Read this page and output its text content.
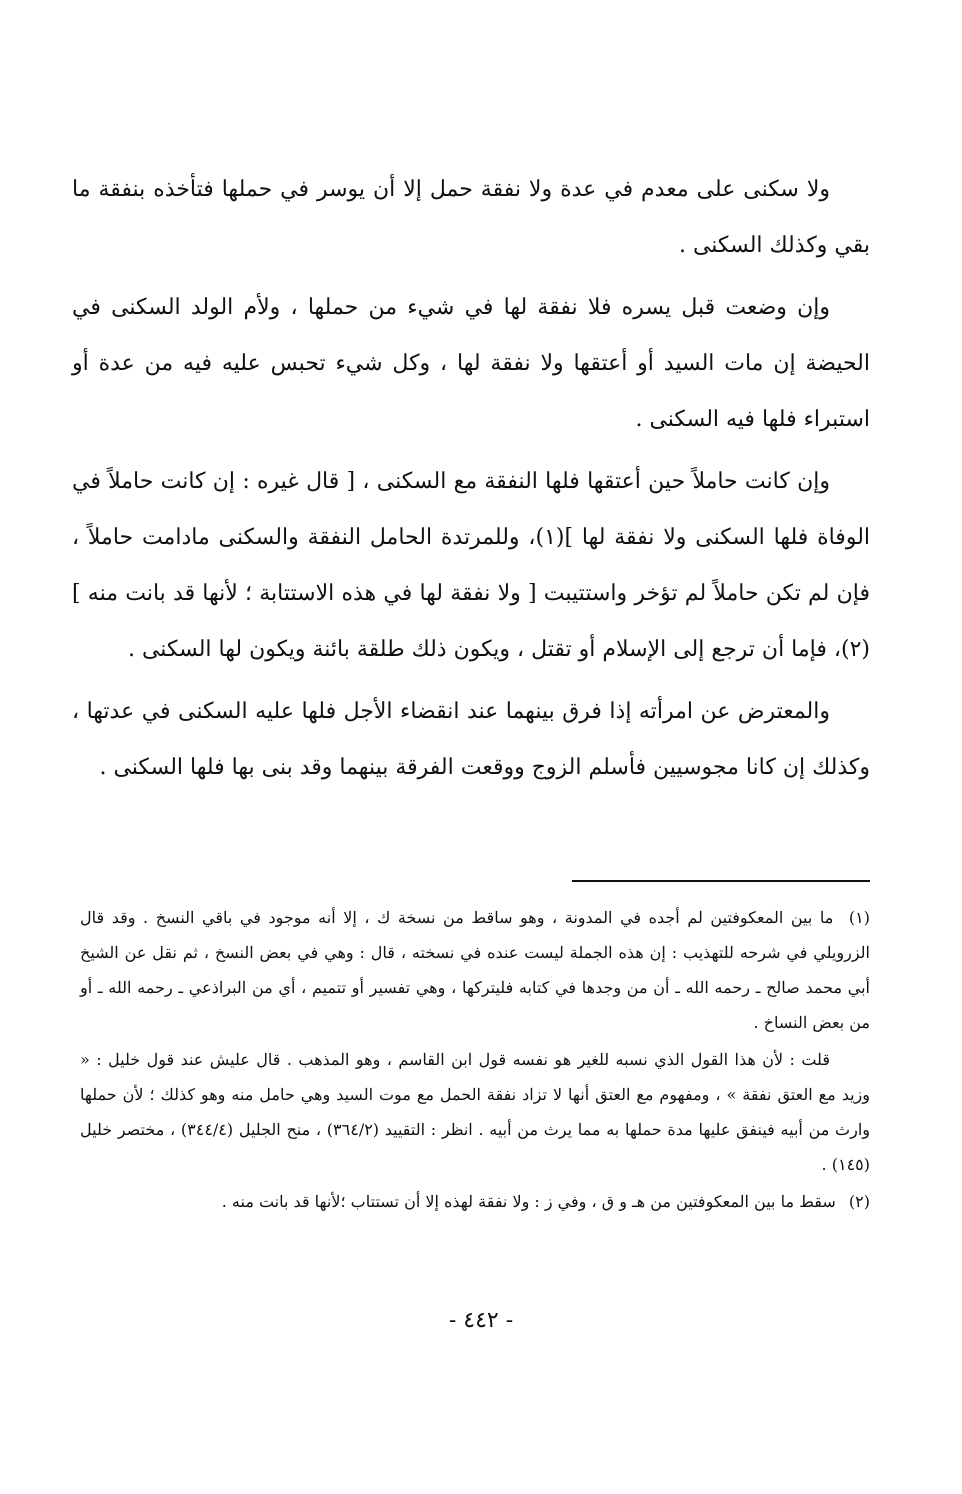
ولا سكنى على معدم في عدة ولا نفقة حمل إلا أن يوسر في حملها فتأخذه بنفقة ما بقي وكذلك السكنى .

وإن وضعت قبل يسره فلا نفقة لها في شيء من حملها ، ولأم الولد السكنى في الحيضة إن مات السيد أو أعتقها ولا نفقة لها ، وكل شيء تحبس عليه فيه من عدة أو استبراء فلها فيه السكنى .

وإن كانت حاملاً حين أعتقها فلها النفقة مع السكنى ، [ قال غيره : إن كانت حاملاً في الوفاة فلها السكنى ولا نفقة لها ](١)، وللمرتدة الحامل النفقة والسكنى مادامت حاملاً ، فإن لم تكن حاملاً لم تؤخر واستتيبت [ ولا نفقة لها في هذه الاستتابة ؛ لأنها قد بانت منه ](٢)، فإما أن ترجع إلى الإسلام أو تقتل ، ويكون ذلك طلقة بائنة ويكون لها السكنى .

والمعترض عن امرأته إذا فرق بينهما عند انقضاء الأجل فلها عليه السكنى في عدتها ، وكذلك إن كانا مجوسيين فأسلم الزوج ووقعت الفرقة بينهما وقد بنى بها فلها السكنى .

(١) ما بين المعكوفتين لم أجده في المدونة ، وهو ساقط من نسخة ك ، إلا أنه موجود في باقي النسخ . وقد قال الزرويلي في شرحه للتهذيب : إن هذه الجملة ليست عنده في نسخته ، قال : وهي في بعض النسخ ، ثم نقل عن الشيخ أبي محمد صالح ـ رحمه الله ـ أن من وجدها في كتابه فليتركها ، وهي تفسير أو تتميم ، أي من البراذعي ـ رحمه الله ـ أو من بعض النساخ .

قلت : لأن هذا القول الذي نسبه للغير هو نفسه قول ابن القاسم ، وهو المذهب . قال عليش عند قول خليل : « وزيد مع العتق نفقة » ، ومفهوم مع العتق أنها لا تزاد نفقة الحمل مع موت السيد وهي حامل منه وهو كذلك ؛ لأن حملها وارث من أبيه فينفق عليها مدة حملها به مما يرث من أبيه . انظر : التقييد (٣٦٤/٢) ، منح الجليل (٣٤٤/٤) ، مختصر خليل (١٤٥) .

(٢) سقط ما بين المعكوفتين من هـ و ق ، وفي ز : ولا نفقة لهذه إلا أن تستتاب ؛لأنها قد بانت منه .

- ٤٤٢ -
